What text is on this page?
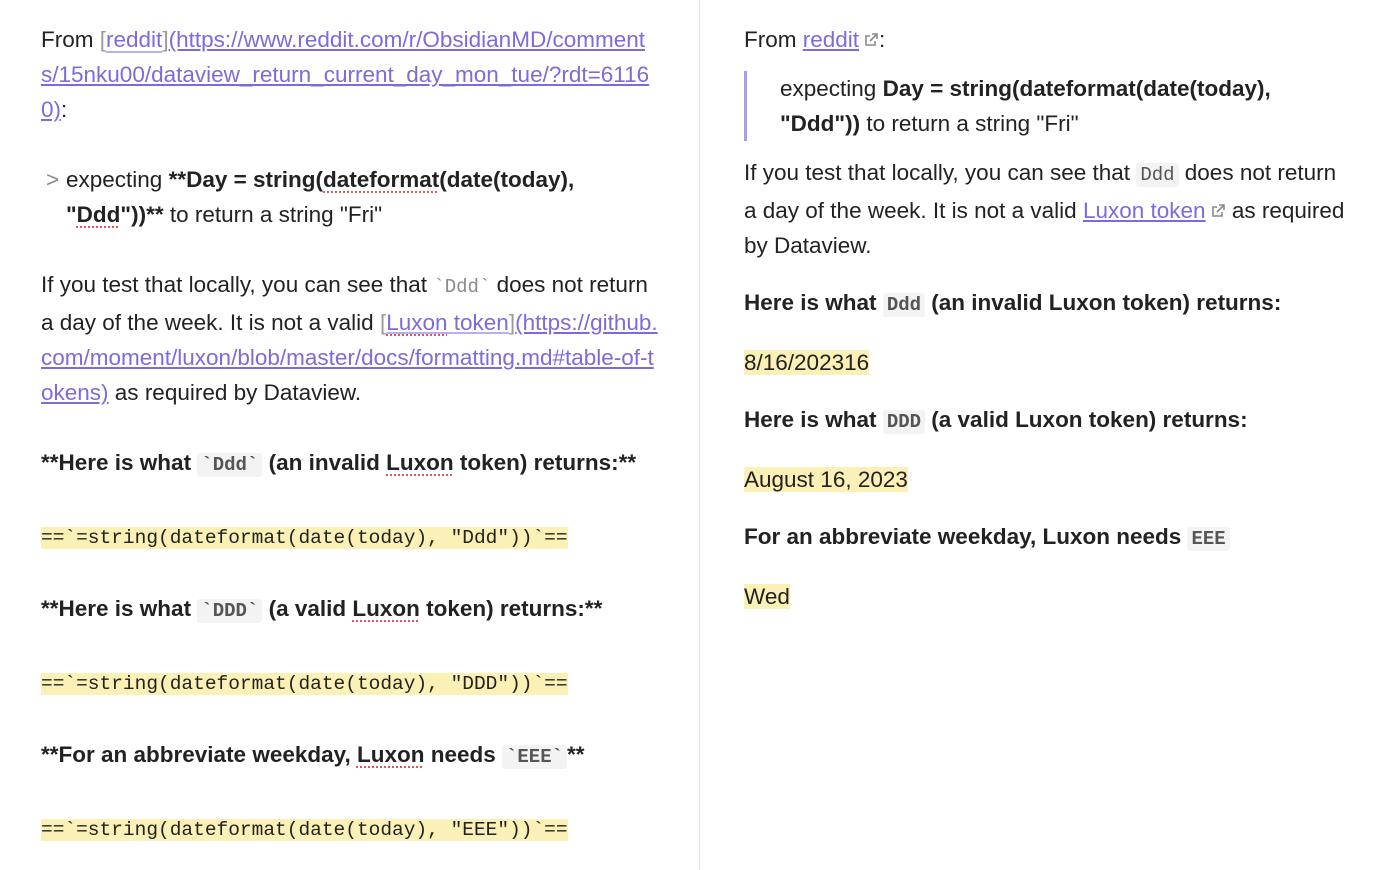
From [reddit](https://www.reddit.com/r/ObsidianMD/comments/15nku00/dataview_return_current_day_mon_tue/?rdt=61160):

> expecting **Day = string(dateformat(date(today),

"Ddd"))** to return a string "Fri"

If you test that locally, you can see that `Ddd` does not return a day of the week. It is not a valid [Luxon token](https://github.com/moment/luxon/blob/master/docs/formatting.md#table-of-tokens) as required by Dataview.

**Here is what `Ddd` (an invalid Luxon token) returns:**

==`=string(dateformat(date(today), "Ddd"))`==

**Here is what `DDD` (a valid Luxon token) returns:**

==`=string(dateformat(date(today), "DDD"))`==

**For an abbreviate weekday, Luxon needs `EEE` **

==`=string(dateformat(date(today), "EEE"))`==

From reddit :

expecting Day = string(dateformat(date(today), "Ddd")) to return a string "Fri"

If you test that locally, you can see that Ddd does not return a day of the week. It is not a valid Luxon token as required by Dataview.

Here is what Ddd (an invalid Luxon token) returns:

8/16/202316

Here is what DDD (a valid Luxon token) returns:

August 16, 2023

For an abbreviate weekday, Luxon needs EEE

Wed
